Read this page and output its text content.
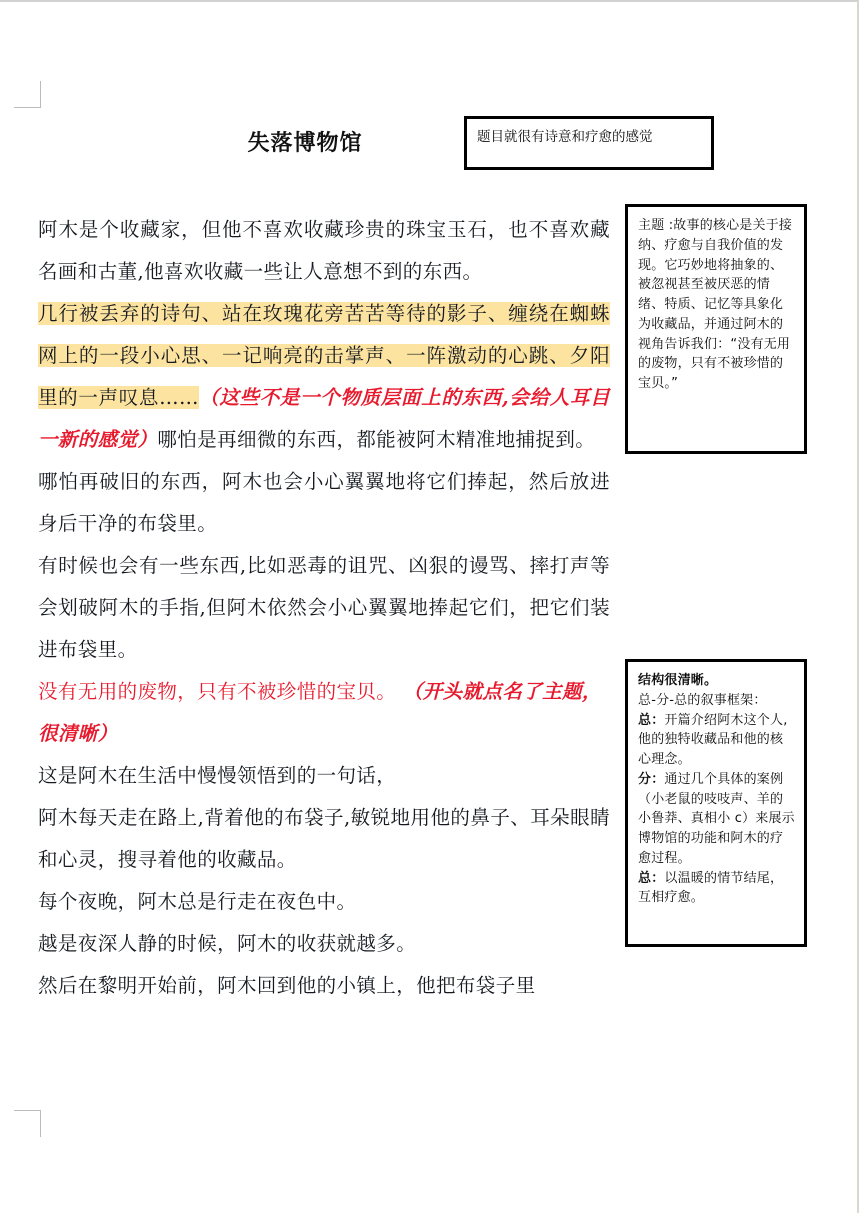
失落博物馆	题目就很有诗意和疗愈的感觉

主题 :故事的核心是关于接纳、疗愈与自我价值的发现。它巧妙地将抽象的、被忽视甚至被厌恶的情绪、特质、记忆等具象化为收藏品，并通过阿木的视角告诉我们：“没有无用的废物，只有不被珍惜的宝贝。”

结构很清晰。

总-分-总的叙事框架：

总：开篇介绍阿木这个人,他的独特收藏品和他的核心理念。

分：通过几个具体的案例（小老鼠的吱吱声、羊的小鲁莽、真相小 c）来展示博物馆的功能和阿木的疗愈过程。

总：以温暖的情节结尾，互相疗愈。

阿木是个收藏家，但他不喜欢收藏珍贵的珠宝玉石，也不喜欢藏名画和古董,他喜欢收藏一些让人意想不到的东西。

几行被丢弃的诗句、站在玫瑰花旁苦苦等待的影子、缠绕在蜘蛛网上的一段小心思、一记响亮的击掌声、一阵激动的心跳、夕阳里的一声叹息……（这些不是一个物质层面上的东西,会给人耳目一新的感觉）哪怕是再细微的东西，都能被阿木精准地捕捉到。

哪怕再破旧的东西，阿木也会小心翼翼地将它们捧起，然后放进身后干净的布袋里。

有时候也会有一些东西,比如恶毒的诅咒、凶狠的谩骂、摔打声等会划破阿木的手指,但阿木依然会小心翼翼地捧起它们，把它们装进布袋里。

没有无用的废物，只有不被珍惜的宝贝。 （开头就点名了主题，很清晰）

这是阿木在生活中慢慢领悟到的一句话，

阿木每天走在路上,背着他的布袋子,敏锐地用他的鼻子、耳朵眼睛和心灵，搜寻着他的收藏品。

每个夜晚，阿木总是行走在夜色中。

越是夜深人静的时候，阿木的收获就越多。

然后在黎明开始前，阿木回到他的小镇上，他把布袋子里
